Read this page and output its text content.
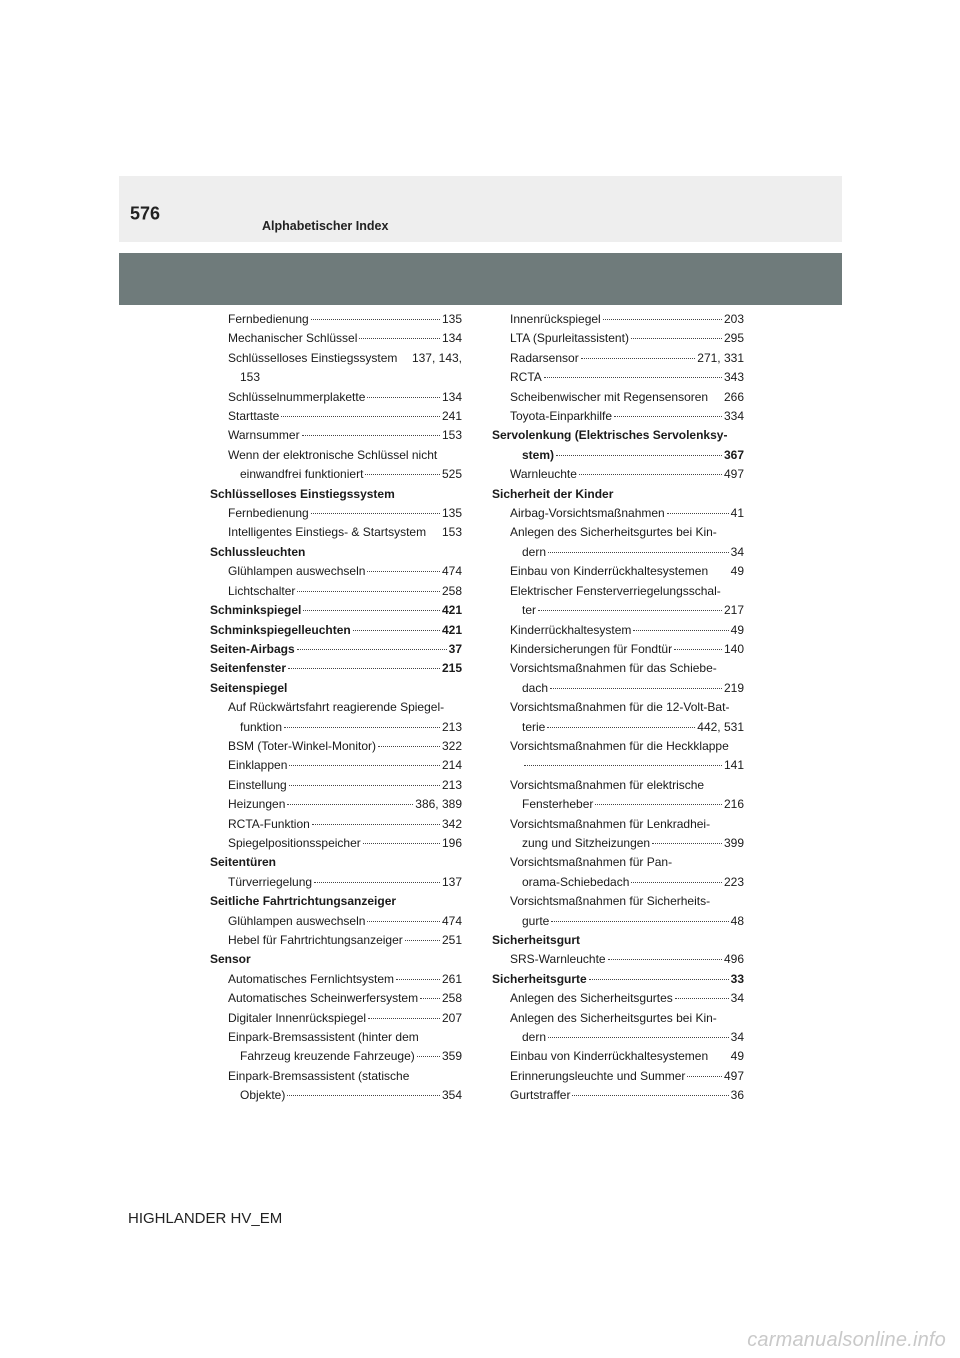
576
Alphabetischer Index
Fernbedienung	135
Mechanischer Schlüssel	134
Schlüsselloses Einstiegssystem 137, 143,
153
Schlüsselnummerplakette	134
Starttaste	241
Warnsummer	153
Wenn der elektronische Schlüssel nicht
einwandfrei funktioniert	525
Schlüsselloses Einstiegssystem
Fernbedienung	135
Intelligentes Einstiegs- & Startsystem 153
Schlussleuchten
Glühlampen auswechseln	474
Lichtschalter	258
Schminkspiegel	421
Schminkspiegelleuchten	421
Seiten-Airbags	37
Seitenfenster	215
Seitenspiegel
Auf Rückwärtsfahrt reagierende Spiegel-
funktion	213
BSM (Toter-Winkel-Monitor)	322
Einklappen	214
Einstellung	213
Heizungen	386, 389
RCTA-Funktion	342
Spiegelpositionsspeicher	196
Seitentüren
Türverriegelung	137
Seitliche Fahrtrichtungsanzeiger
Glühlampen auswechseln	474
Hebel für Fahrtrichtungsanzeiger	251
Sensor
Automatisches Fernlichtsystem	261
Automatisches Scheinwerfersystem 258
Digitaler Innenrückspiegel	207
Einpark-Bremsassistent (hinter dem
Fahrzeug kreuzende Fahrzeuge) 359
Einpark-Bremsassistent (statische
Objekte)	354
Innenrückspiegel	203
LTA (Spurleitassistent)	295
Radarsensor	271, 331
RCTA	343
Scheibenwischer mit Regensensoren 266
Toyota-Einparkhilfe	334
Servolenkung (Elektrisches Servolenksy-
stem)	367
Warnleuchte	497
Sicherheit der Kinder
Airbag-Vorsichtsmaßnahmen	41
Anlegen des Sicherheitsgurtes bei Kin-
dern	34
Einbau von Kinderrückhaltesystemen 49
Elektrischer Fensterverriegelungsschal-
ter	217
Kinderrückhaltesystem	49
Kindersicherungen für Fondtür	140
Vorsichtsmaßnahmen für das Schiebe-
dach	219
Vorsichtsmaßnahmen für die 12-Volt-Bat-
terie	442, 531
Vorsichtsmaßnahmen für die Heckklappe
141
Vorsichtsmaßnahmen für elektrische
Fensterheber	216
Vorsichtsmaßnahmen für Lenkradhei-
zung und Sitzheizungen	399
Vorsichtsmaßnahmen für Pan-
orama-Schiebedach	223
Vorsichtsmaßnahmen für Sicherheits-
gurte	48
Sicherheitsgurt
SRS-Warnleuchte	496
Sicherheitsgurte	33
Anlegen des Sicherheitsgurtes	34
Anlegen des Sicherheitsgurtes bei Kin-
dern	34
Einbau von Kinderrückhaltesystemen 49
Erinnerungsleuchte und Summer	497
Gurtstraffer	36
HIGHLANDER HV_EM
carmanualsonline.info
